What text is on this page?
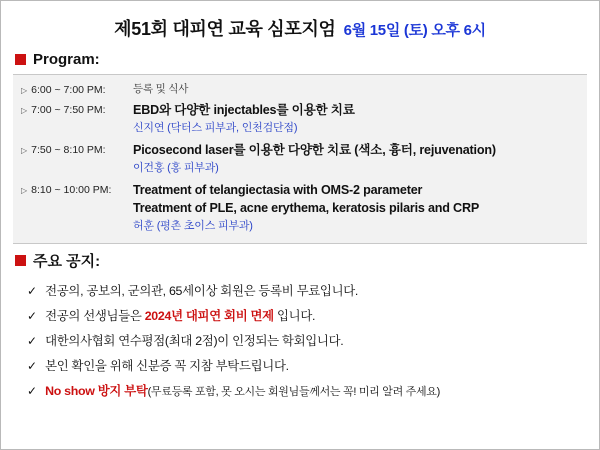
제51회 대피연 교육 심포지엄 6월 15일 (토) 오후 6시
Program:
▷ 6:00 ~ 7:00 PM:	등록 및 식사
▷ 7:00 ~ 7:50 PM: EBD와 다양한 injectables를 이용한 치료
신지연 (닥터스 피부과, 인천검단점)
▷ 7:50 ~ 8:10 PM: Picosecond laser를 이용한 다양한 치료 (색소, 흉터, rejuvenation)
이건홍 (홍 피부과)
▷ 8:10 ~ 10:00 PM: Treatment of telangiectasia with OMS-2 parameter
Treatment of PLE, acne erythema, keratosis pilaris and CRP
허훈 (평촌 초이스 피부과)
주요 공지:
✓ 전공의, 공보의, 군의관, 65세이상 회원은 등록비 무료입니다.
✓ 전공의 선생님들은 2024년 대피연 회비 면제 입니다.
✓ 대한의사협회 연수평점(최대 2점)이 인정되는 학회입니다.
✓ 본인 확인을 위해 신분증 꼭 지참 부탁드립니다.
✓ No show 방지 부탁(무료등록 포함, 못 오시는 회원님들께서는 꼭! 미리 알려 주세요)
